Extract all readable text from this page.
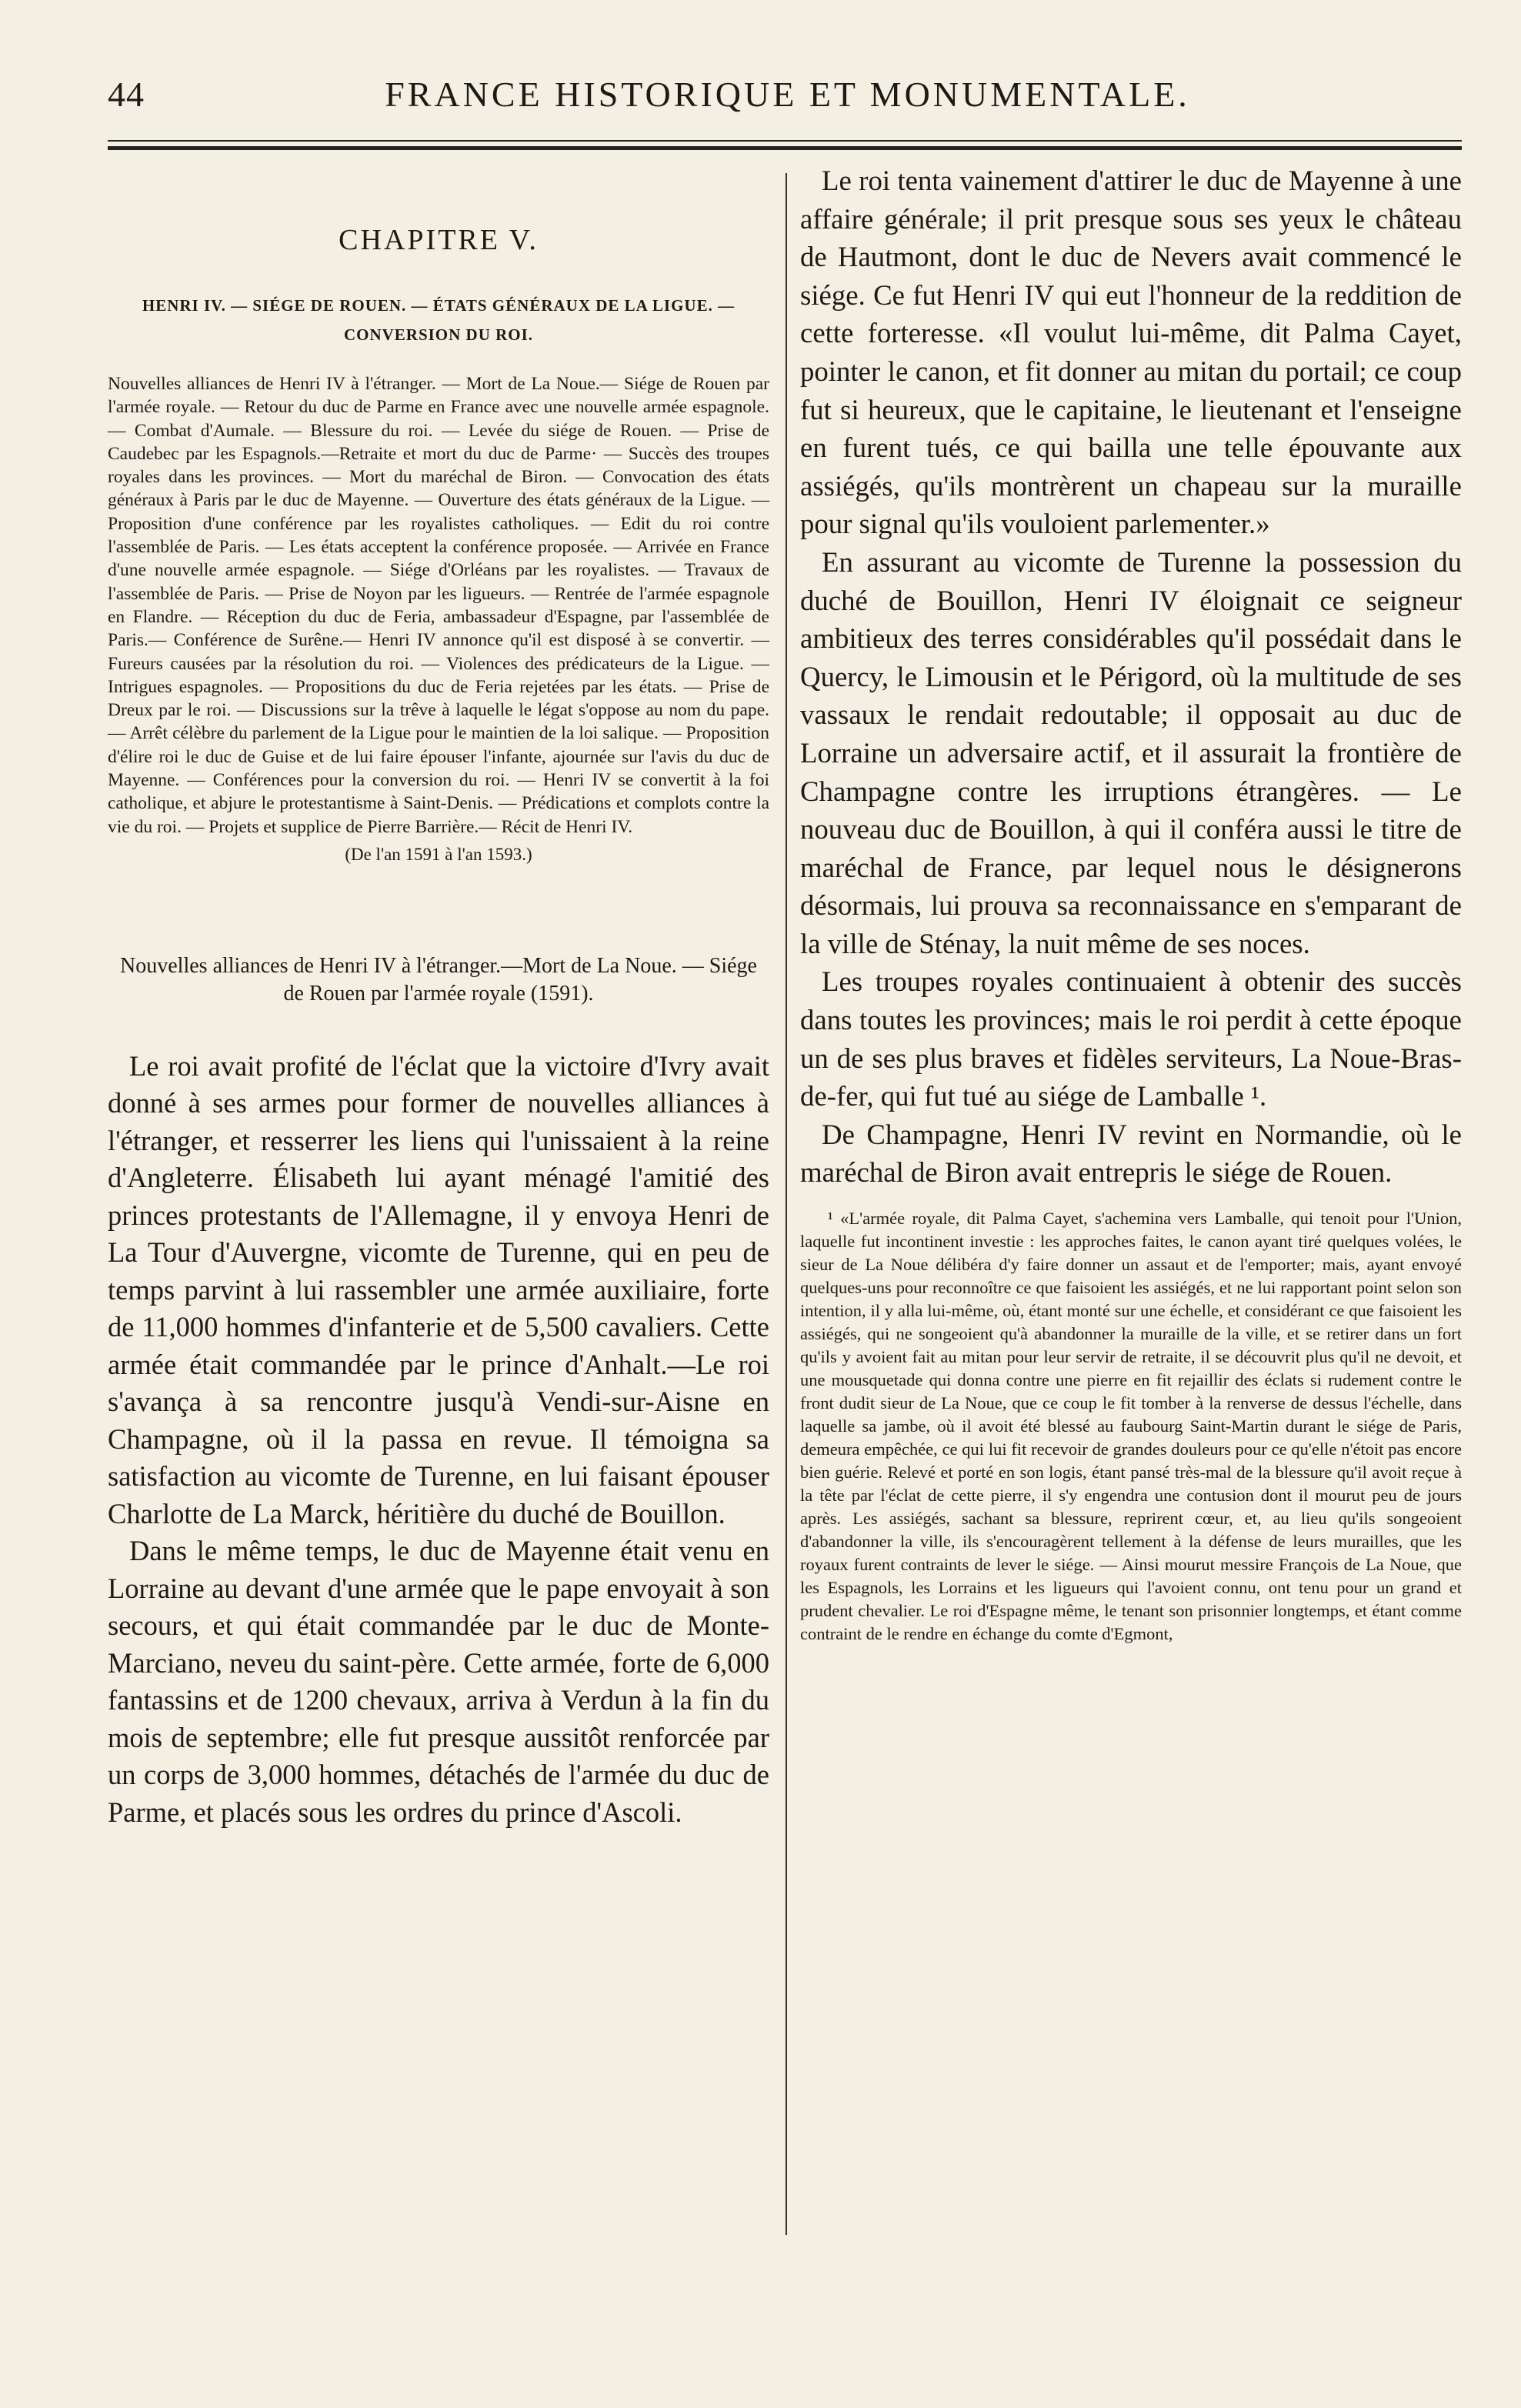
44	FRANCE HISTORIQUE ET MONUMENTALE.
CHAPITRE V.
HENRI IV. — SIÉGE DE ROUEN. — ÉTATS GÉNÉRAUX DE LA LIGUE. — CONVERSION DU ROI.

Nouvelles alliances de Henri IV à l'étranger. — Mort de La Noue.— Siége de Rouen par l'armée royale. — Retour du duc de Parme en France avec une nouvelle armée espagnole. — Combat d'Aumale. — Blessure du roi. — Levée du siége de Rouen. — Prise de Caudebec par les Espagnols.—Retraite et mort du duc de Parme· — Succès des troupes royales dans les provinces. — Mort du maréchal de Biron. — Convocation des états généraux à Paris par le duc de Mayenne. — Ouverture des états généraux de la Ligue. — Proposition d'une conférence par les royalistes catholiques. — Edit du roi contre l'assemblée de Paris. — Les états acceptent la conférence proposée. — Arrivée en France d'une nouvelle armée espagnole. — Siége d'Orléans par les royalistes. — Travaux de l'assemblée de Paris. — Prise de Noyon par les ligueurs. — Rentrée de l'armée espagnole en Flandre. — Réception du duc de Feria, ambassadeur d'Espagne, par l'assemblée de Paris.— Conférence de Surêne.— Henri IV annonce qu'il est disposé à se convertir. — Fureurs causées par la résolution du roi. — Violences des prédicateurs de la Ligue. — Intrigues espagnoles. — Propositions du duc de Feria rejetées par les états. — Prise de Dreux par le roi. — Discussions sur la trêve à laquelle le légat s'oppose au nom du pape. — Arrêt célèbre du parlement de la Ligue pour le maintien de la loi salique. — Proposition d'élire roi le duc de Guise et de lui faire épouser l'infante, ajournée sur l'avis du duc de Mayenne. — Conférences pour la conversion du roi. — Henri IV se convertit à la foi catholique, et abjure le protestantisme à Saint-Denis. — Prédications et complots contre la vie du roi. — Projets et supplice de Pierre Barrière.— Récit de Henri IV.

(De l'an 1591 à l'an 1593.)
Nouvelles alliances de Henri IV à l'étranger.—Mort de La Noue. — Siége de Rouen par l'armée royale (1591).

Le roi avait profité de l'éclat que la victoire d'Ivry avait donné à ses armes pour former de nouvelles alliances à l'étranger, et resserrer les liens qui l'unissaient à la reine d'Angleterre. Élisabeth lui ayant ménagé l'amitié des princes protestants de l'Allemagne, il y envoya Henri de La Tour d'Auvergne, vicomte de Turenne, qui en peu de temps parvint à lui rassembler une armée auxiliaire, forte de 11,000 hommes d'infanterie et de 5,500 cavaliers. Cette armée était commandée par le prince d'Anhalt.—Le roi s'avança à sa rencontre jusqu'à Vendi-sur-Aisne en Champagne, où il la passa en revue. Il témoigna sa satisfaction au vicomte de Turenne, en lui faisant épouser Charlotte de La Marck, héritière du duché de Bouillon.

Dans le même temps, le duc de Mayenne était venu en Lorraine au devant d'une armée que le pape envoyait à son secours, et qui était commandée par le duc de Monte-Marciano, neveu du saint-père. Cette armée, forte de 6,000 fantassins et de 1200 chevaux, arriva à Verdun à la fin du mois de septembre; elle fut presque aussitôt renforcée par un corps de 3,000 hommes, détachés de l'armée du duc de Parme, et placés sous les ordres du prince d'Ascoli.

Le roi tenta vainement d'attirer le duc de Mayenne à une affaire générale; il prit presque sous ses yeux le château de Hautmont, dont le duc de Nevers avait commencé le siége. Ce fut Henri IV qui eut l'honneur de la reddition de cette forteresse. «Il voulut lui-même, dit Palma Cayet, pointer le canon, et fit donner au mitan du portail; ce coup fut si heureux, que le capitaine, le lieutenant et l'enseigne en furent tués, ce qui bailla une telle épouvante aux assiégés, qu'ils montrèrent un chapeau sur la muraille pour signal qu'ils vouloient parlementer.»

En assurant au vicomte de Turenne la possession du duché de Bouillon, Henri IV éloignait ce seigneur ambitieux des terres considérables qu'il possédait dans le Quercy, le Limousin et le Périgord, où la multitude de ses vassaux le rendait redoutable; il opposait au duc de Lorraine un adversaire actif, et il assurait la frontière de Champagne contre les irruptions étrangères. — Le nouveau duc de Bouillon, à qui il conféra aussi le titre de maréchal de France, par lequel nous le désignerons désormais, lui prouva sa reconnaissance en s'emparant de la ville de Sténay, la nuit même de ses noces.

Les troupes royales continuaient à obtenir des succès dans toutes les provinces; mais le roi perdit à cette époque un de ses plus braves et fidèles serviteurs, La Noue-Bras-de-fer, qui fut tué au siége de Lamballe ¹.

De Champagne, Henri IV revint en Normandie, où le maréchal de Biron avait entrepris le siége de Rouen.

¹ «L'armée royale, dit Palma Cayet, s'achemina vers Lamballe, qui tenoit pour l'Union, laquelle fut incontinent investie : les approches faites, le canon ayant tiré quelques volées, le sieur de La Noue délibéra d'y faire donner un assaut et de l'emporter; mais, ayant envoyé quelques-uns pour reconnoître ce que faisoient les assiégés, et ne lui rapportant point selon son intention, il y alla lui-même, où, étant monté sur une échelle, et considérant ce que faisoient les assiégés, qui ne songeoient qu'à abandonner la muraille de la ville, et se retirer dans un fort qu'ils y avoient fait au mitan pour leur servir de retraite, il se découvrit plus qu'il ne devoit, et une mousquetade qui donna contre une pierre en fit rejaillir des éclats si rudement contre le front dudit sieur de La Noue, que ce coup le fit tomber à la renverse de dessus l'échelle, dans laquelle sa jambe, où il avoit été blessé au faubourg Saint-Martin durant le siége de Paris, demeura empêchée, ce qui lui fit recevoir de grandes douleurs pour ce qu'elle n'étoit pas encore bien guérie. Relevé et porté en son logis, étant pansé très-mal de la blessure qu'il avoit reçue à la tête par l'éclat de cette pierre, il s'y engendra une contusion dont il mourut peu de jours après. Les assiégés, sachant sa blessure, reprirent cœur, et, au lieu qu'ils songeoient d'abandonner la ville, ils s'encouragèrent tellement à la défense de leurs murailles, que les royaux furent contraints de lever le siége. — Ainsi mourut messire François de La Noue, que les Espagnols, les Lorrains et les ligueurs qui l'avoient connu, ont tenu pour un grand et prudent chevalier. Le roi d'Espagne même, le tenant son prisonnier longtemps, et étant comme contraint de le rendre en échange du comte d'Egmont,
